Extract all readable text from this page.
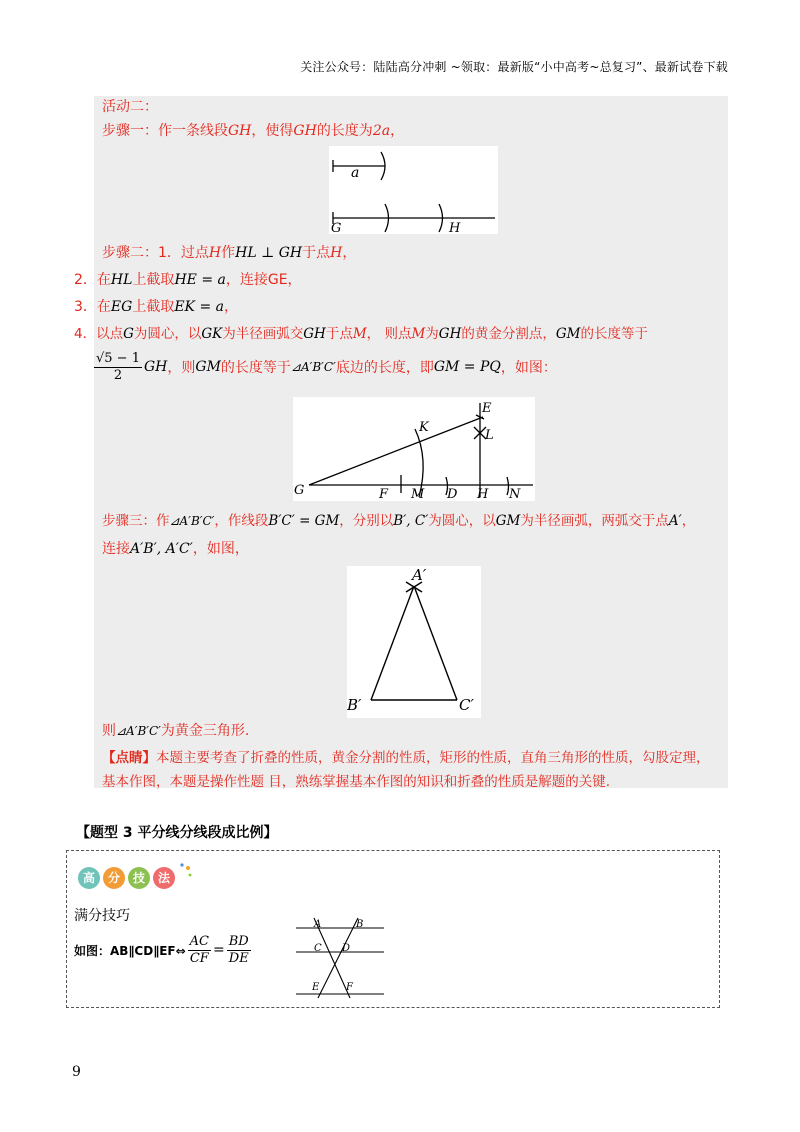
关注公众号：陆陆高分冲刺 ~领取：最新版“小中高考~总复习”、最新试卷下载
活动二：
步骤一：作一条线段GH，使得GH的长度为2a，
a
G	H
步骤二：1．过点H作HL ⊥ GH于点H，
2．在HL上截取HE = a，连接GE，
3．在EG上截取EK = a，
4．以点G为圆心，以GK为半径画弧交GH于点M， 则点M为GH的黄金分割点，GM的长度等于
$\frac{√5 - 1}{2}$ GH ，则 GM 的长度等于 ⊿A′B′C′ 底边的长度，即 GM = PQ ，如图：
G	F M D H N
K
E
L
步骤三：作⊿A′B′C′，作线段B′C′ = GM，分别以B′, C′为圆心，以GM为半径画弧，两弧交于点A′，
连接A′B′, A′C′，如图，
A′
B′	C′
则⊿A′B′C′为黄金三角形.
【点睛】本题主要考查了折叠的性质，黄金分割的性质，矩形的性质，直角三角形的性质，勾股定理，
基本作图，本题是操作性题 目，熟练掌握基本作图的知识和折叠的性质是解题的关键.
【题型 3 平分线分线段成比例】
高	分	技	法
满分技巧
如图：AB∥CD∥EF⇔ $\frac{AC}{CF} = \frac{BD}{DE}$
A	B
C D
E	F
9
